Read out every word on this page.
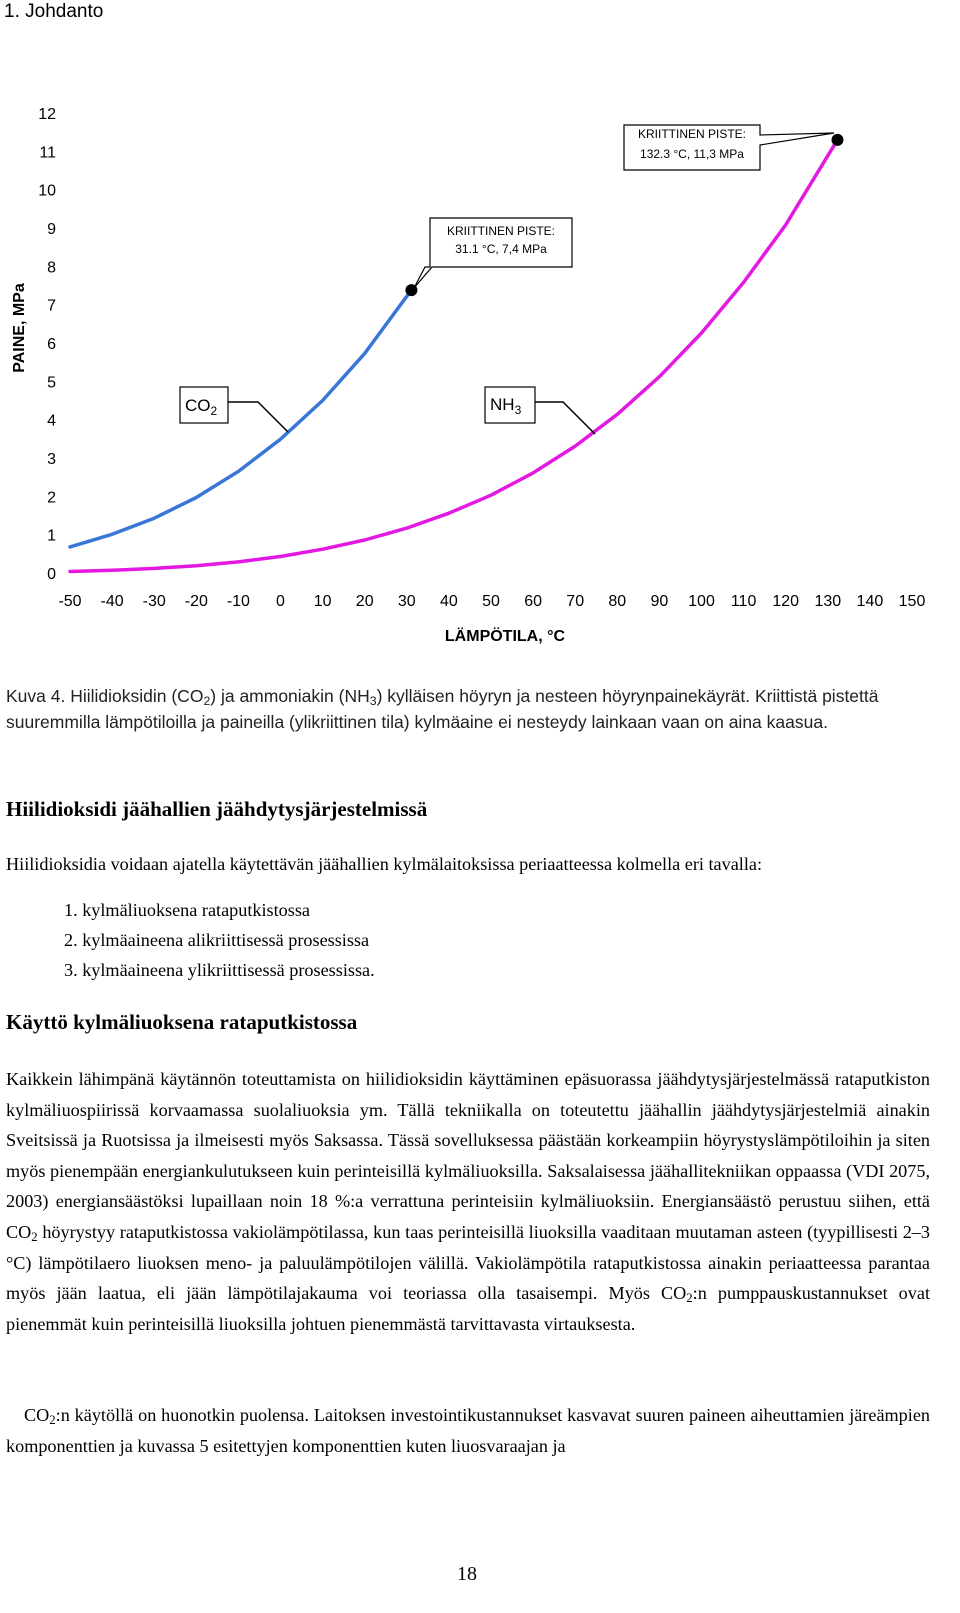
1. Johdanto
0
1
2
3
4
5
6
7
8
9
10
11
12
-50 -40 -30 -20 -10 0 10 20 30 40 50 60 70 80 90 100 110 120 130 140 150
PAINE, MPa
LÄMPÖTILA, °C
KRIITTINEN PISTE:
31.1 °C, 7,4 MPa
KRIITTINEN PISTE:
132.3 °C, 11,3 MPa
$CO_2$	$NH_3$
Kuva 4. Hiilidioksidin $(CO_2)$ ja ammoniakin $(NH_3)$ kylläisen höyryn ja nesteen höyrynpainekäyrät. Kriittistä pistettä suuremmilla lämpötiloilla ja paineilla (ylikriittinen tila) kylmäaine ei nesteydy lainkaan vaan on aina kaasua.
Hiilidioksidi jäähallien jäähdytysjärjestelmissä

Hiilidioksidia voidaan ajatella käytettävän jäähallien kylmälaitoksissa periaatteessa kolmella eri tavalla:

1. kylmäliuoksena rataputkistossa
2. kylmäaineena alikriittisessä prosessissa
3. kylmäaineena ylikriittisessä prosessissa.
Käyttö kylmäliuoksena rataputkistossa

Kaikkein lähimpänä käytännön toteuttamista on hiilidioksidin käyttäminen epäsuorassa jäähdytysjärjestelmässä rataputkiston kylmäliuospiirissä korvaamassa suolaliuoksia ym. Tällä tekniikalla on toteutettu jäähallin jäähdytysjärjestelmiä ainakin Sveitsissä ja Ruotsissa ja ilmeisesti myös Saksassa. Tässä sovelluksessa päästään korkeampiin höyrystyslämpötiloihin ja siten myös pienempään energiankulutukseen kuin perinteisillä kylmäliuoksilla. Saksalaisessa jäähallitekniikan oppaassa (VDI 2075, 2003) energiansäästöksi lupaillaan noin 18 %:a verrattuna perinteisiin kylmäliuoksiin. Energiansäästö perustuu siihen, että $CO_2$ höyrystyy rataputkistossa vakiolämpötilassa, kun taas perinteisillä liuoksilla vaaditaan muutaman asteen (tyypillisesti 2–3 °C) lämpötilaero liuoksen meno- ja paluulämpötilojen välillä. Vakiolämpötila rataputkistossa ainakin periaatteessa parantaa myös jään laatua, eli jään lämpötilajakauma voi teoriassa olla tasaisempi. Myös $CO_2:n$ pumppauskustannukset ovat pienemmät kuin perinteisillä liuoksilla johtuen pienemmästä tarvittavasta virtauksesta.

$CO_2:n$ käytöllä on huonotkin puolensa. Laitoksen investointikustannukset kasvavat suuren paineen aiheuttamien järeämpien komponenttien ja kuvassa 5 esitettyjen komponenttien kuten liuosvaraajan ja

18
